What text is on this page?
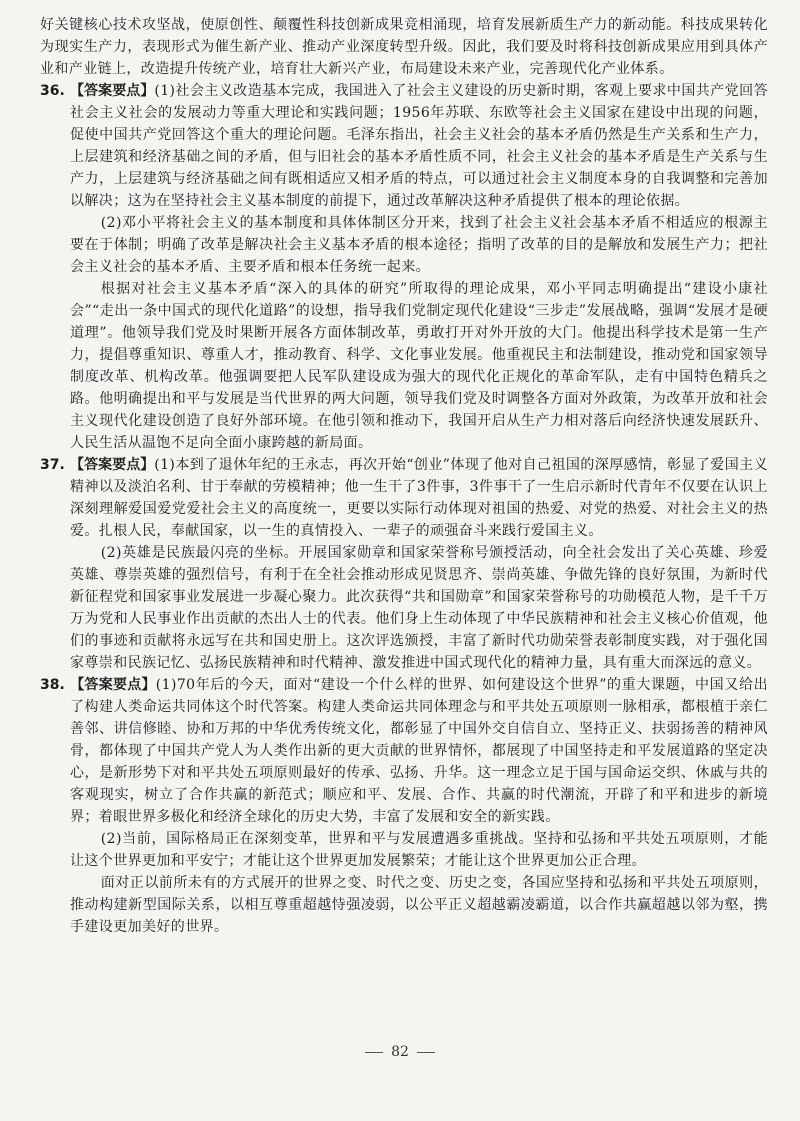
好关键核心技术攻坚战，使原创性、颠覆性科技创新成果竞相涌现，培育发展新质生产力的新动能。科技成果转化为现实生产力，表现形式为催生新产业、推动产业深度转型升级。因此，我们要及时将科技创新成果应用到具体产业和产业链上，改造提升传统产业，培育壮大新兴产业，布局建设未来产业，完善现代化产业体系。

36. 【答案要点】(1)社会主义改造基本完成，我国进入了社会主义建设的历史新时期，客观上要求中国共产党回答社会主义社会的发展动力等重大理论和实践问题；1956年苏联、东欧等社会主义国家在建设中出现的问题，促使中国共产党回答这个重大的理论问题。毛泽东指出，社会主义社会的基本矛盾仍然是生产关系和生产力，上层建筑和经济基础之间的矛盾，但与旧社会的基本矛盾性质不同，社会主义社会的基本矛盾是生产关系与生产力，上层建筑与经济基础之间有既相适应又相矛盾的特点，可以通过社会主义制度本身的自我调整和完善加以解决；这为在坚持社会主义基本制度的前提下，通过改革解决这种矛盾提供了根本的理论依据。

(2)邓小平将社会主义的基本制度和具体体制区分开来，找到了社会主义社会基本矛盾不相适应的根源主要在于体制；明确了改革是解决社会主义基本矛盾的根本途径；指明了改革的目的是解放和发展生产力；把社会主义社会的基本矛盾、主要矛盾和根本任务统一起来。

根据对社会主义基本矛盾“深入的具体的研究”所取得的理论成果，邓小平同志明确提出“建设小康社会”“走出一条中国式的现代化道路”的设想，指导我们党制定现代化建设“三步走”发展战略，强调“发展才是硬道理”。他领导我们党及时果断开展各方面体制改革，勇敢打开对外开放的大门。他提出科学技术是第一生产力，提倡尊重知识、尊重人才，推动教育、科学、文化事业发展。他重视民主和法制建设，推动党和国家领导制度改革、机构改革。他强调要把人民军队建设成为强大的现代化正规化的革命军队，走有中国特色精兵之路。他明确提出和平与发展是当代世界的两大问题，领导我们党及时调整各方面对外政策，为改革开放和社会主义现代化建设创造了良好外部环境。在他引领和推动下，我国开启从生产力相对落后向经济快速发展跃升、人民生活从温饱不足向全面小康跨越的新局面。

37. 【答案要点】(1)本到了退休年纪的王永志，再次开始“创业”体现了他对自己祖国的深厚感情，彰显了爱国主义精神以及淡泊名利、甘于奉献的劳模精神；他一生干了3件事，3件事干了一生启示新时代青年不仅要在认识上深刻理解爱国爱党爱社会主义的高度统一，更要以实际行动体现对祖国的热爱、对党的热爱、对社会主义的热爱。扎根人民，奉献国家，以一生的真情投入、一辈子的顽强奋斗来践行爱国主义。

(2)英雄是民族最闪亮的坐标。开展国家勋章和国家荣誉称号颁授活动，向全社会发出了关心英雄、珍爱英雄、尊崇英雄的强烈信号，有利于在全社会推动形成见贤思齐、崇尚英雄、争做先锋的良好氛围，为新时代新征程党和国家事业发展进一步凝心聚力。此次获得“共和国勋章”和国家荣誉称号的功勋模范人物，是千千万万为党和人民事业作出贡献的杰出人士的代表。他们身上生动体现了中华民族精神和社会主义核心价值观，他们的事迹和贡献将永远写在共和国史册上。这次评选颁授，丰富了新时代功勋荣誉表彰制度实践，对于强化国家尊崇和民族记忆、弘扬民族精神和时代精神、激发推进中国式现代化的精神力量，具有重大而深远的意义。

38. 【答案要点】(1)70年后的今天，面对“建设一个什么样的世界、如何建设这个世界”的重大课题，中国又给出了构建人类命运共同体这个时代答案。构建人类命运共同体理念与和平共处五项原则一脉相承，都根植于亲仁善邻、讲信修睦、协和万邦的中华优秀传统文化，都彰显了中国外交自信自立、坚持正义、扶弱扬善的精神风骨，都体现了中国共产党人为人类作出新的更大贡献的世界情怀，都展现了中国坚持走和平发展道路的坚定决心，是新形势下对和平共处五项原则最好的传承、弘扬、升华。这一理念立足于国与国命运交织、休戚与共的客观现实，树立了合作共赢的新范式；顺应和平、发展、合作、共赢的时代潮流，开辟了和平和进步的新境界；着眼世界多极化和经济全球化的历史大势，丰富了发展和安全的新实践。

(2)当前，国际格局正在深刻变革，世界和平与发展遭遇多重挑战。坚持和弘扬和平共处五项原则，才能让这个世界更加和平安宁；才能让这个世界更加发展繁荣；才能让这个世界更加公正合理。

面对正以前所未有的方式展开的世界之变、时代之变、历史之变，各国应坚持和弘扬和平共处五项原则，推动构建新型国际关系，以相互尊重超越恃强凌弱，以公平正义超越霸凌霸道，以合作共赢超越以邻为壑，携手建设更加美好的世界。

82
